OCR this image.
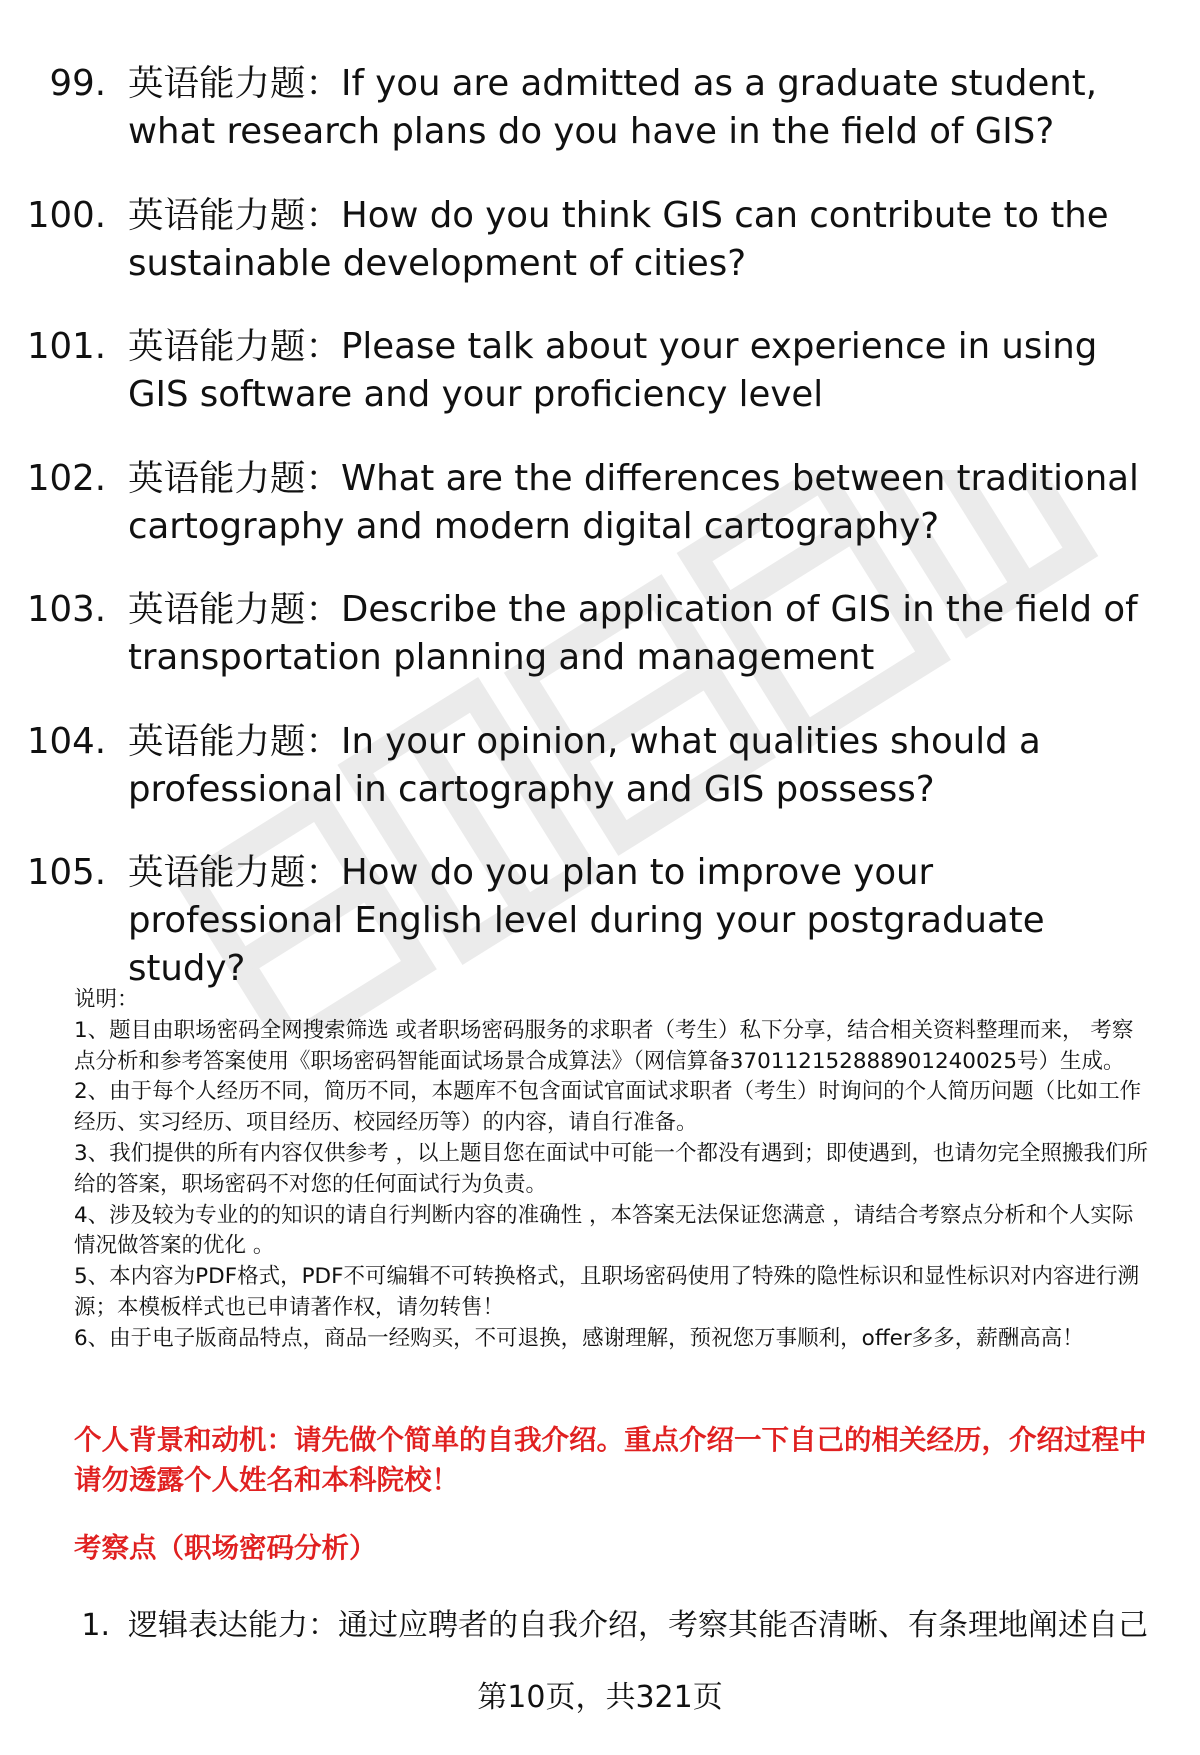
99. 英语能力题：If you are admitted as a graduate student, what research plans do you have in the field of GIS?
100. 英语能力题：How do you think GIS can contribute to the sustainable development of cities?
101. 英语能力题：Please talk about your experience in using GIS software and your proficiency level
102. 英语能力题：What are the differences between traditional cartography and modern digital cartography?
103. 英语能力题：Describe the application of GIS in the field of transportation planning and management
104. 英语能力题：In your opinion, what qualities should a professional in cartography and GIS possess?
105. 英语能力题：How do you plan to improve your professional English level during your postgraduate study?

说明：

1、题目由职场密码全网搜索筛选 或者职场密码服务的求职者（考生）私下分享，结合相关资料整理而来， 考察点分析和参考答案使用《职场密码智能面试场景合成算法》（网信算备370112152888901240025号）生成。

2、由于每个人经历不同，简历不同，本题库不包含面试官面试求职者（考生）时询问的个人简历问题（比如工作经历、实习经历、项目经历、校园经历等）的内容，请自行准备。

3、我们提供的所有内容仅供参考 ，以上题目您在面试中可能一个都没有遇到；即使遇到，也请勿完全照搬我们所给的答案，职场密码不对您的任何面试行为负责。

4、涉及较为专业的的知识的请自行判断内容的准确性 ，本答案无法保证您满意 ，请结合考察点分析和个人实际情况做答案的优化 。

5、本内容为PDF格式，PDF不可编辑不可转换格式，且职场密码使用了特殊的隐性标识和显性标识对内容进行溯源；本模板样式也已申请著作权，请勿转售！

6、由于电子版商品特点，商品一经购买，不可退换，感谢理解，预祝您万事顺利，offer多多，薪酬高高！

个人背景和动机：请先做个简单的自我介绍。重点介绍一下自己的相关经历，介绍过程中请勿透露个人姓名和本科院校！
考察点（职场密码分析）
1. 逻辑表达能力：通过应聘者的自我介绍，考察其能否清晰、有条理地阐述自己
第10页，共321页
